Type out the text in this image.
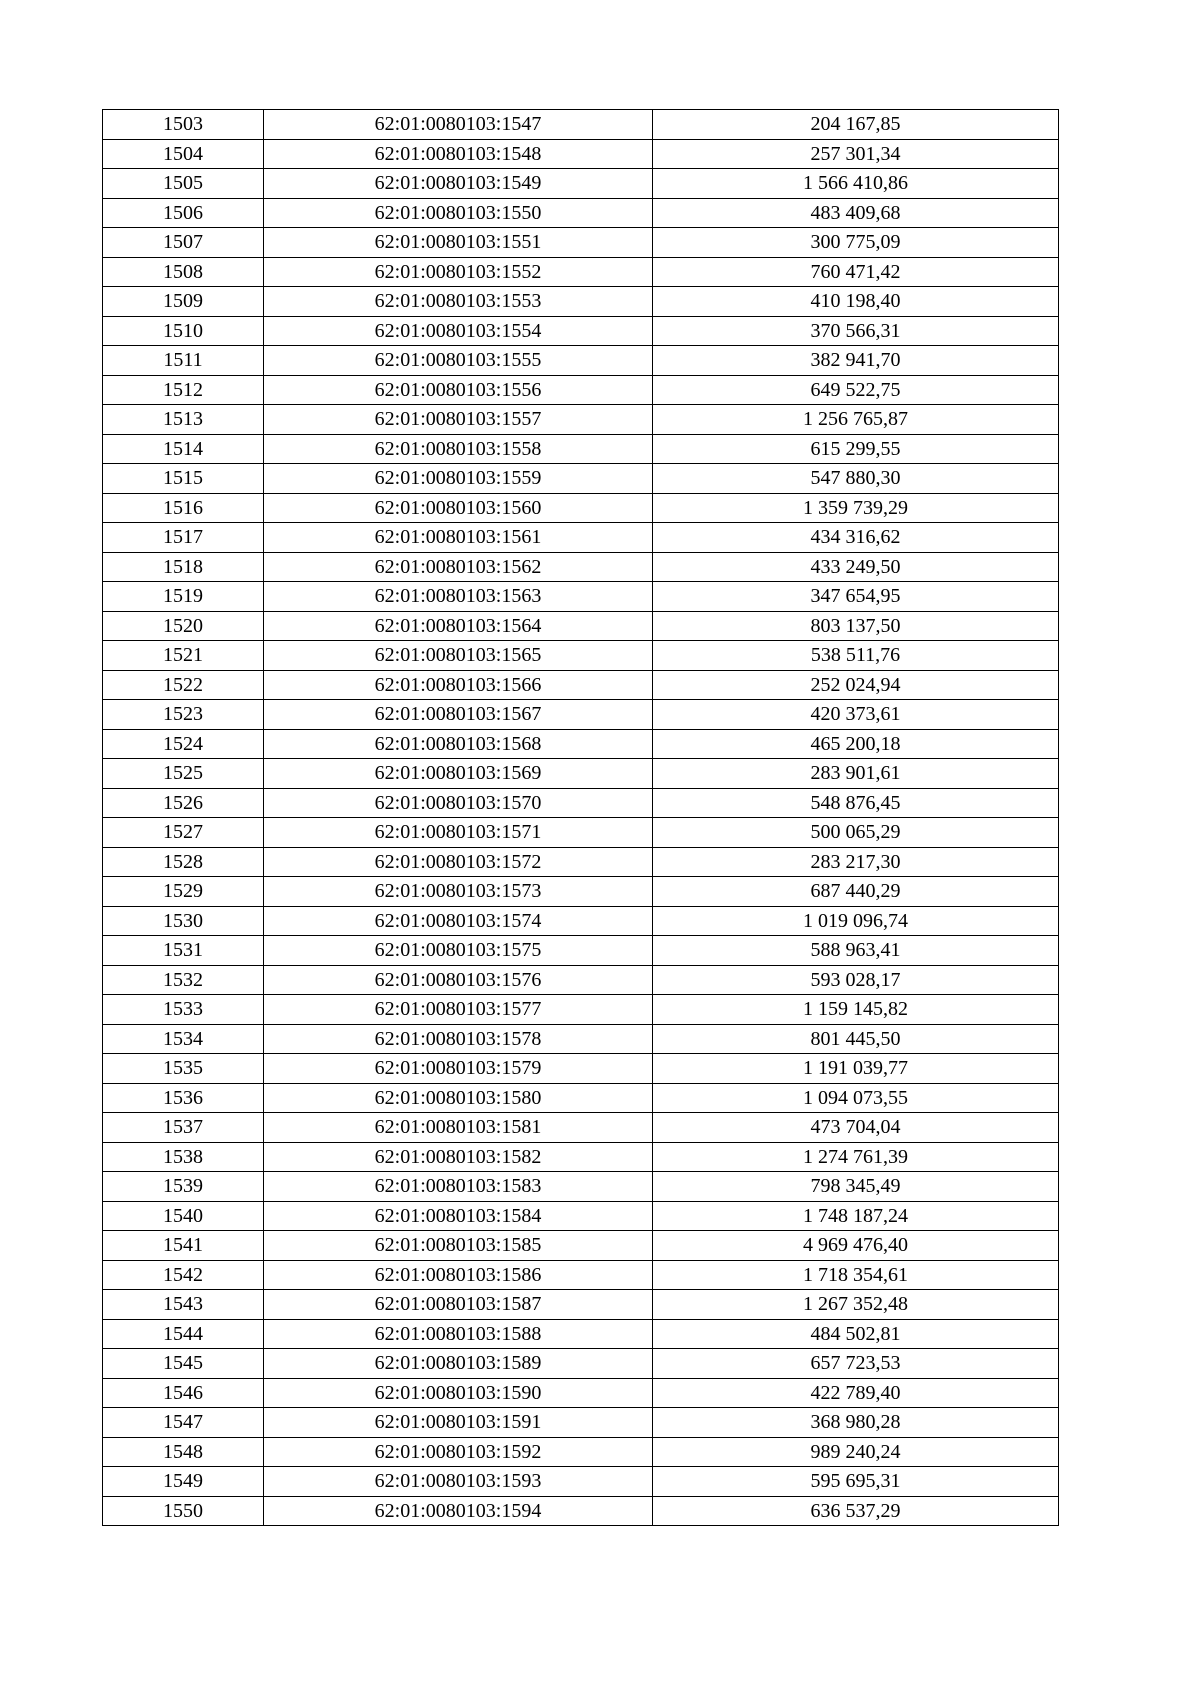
1503	62:01:0080103:1547	204 167,85
1504	62:01:0080103:1548	257 301,34
1505	62:01:0080103:1549	1 566 410,86
1506	62:01:0080103:1550	483 409,68
1507	62:01:0080103:1551	300 775,09
1508	62:01:0080103:1552	760 471,42
1509	62:01:0080103:1553	410 198,40
1510	62:01:0080103:1554	370 566,31
1511	62:01:0080103:1555	382 941,70
1512	62:01:0080103:1556	649 522,75
1513	62:01:0080103:1557	1 256 765,87
1514	62:01:0080103:1558	615 299,55
1515	62:01:0080103:1559	547 880,30
1516	62:01:0080103:1560	1 359 739,29
1517	62:01:0080103:1561	434 316,62
1518	62:01:0080103:1562	433 249,50
1519	62:01:0080103:1563	347 654,95
1520	62:01:0080103:1564	803 137,50
1521	62:01:0080103:1565	538 511,76
1522	62:01:0080103:1566	252 024,94
1523	62:01:0080103:1567	420 373,61
1524	62:01:0080103:1568	465 200,18
1525	62:01:0080103:1569	283 901,61
1526	62:01:0080103:1570	548 876,45
1527	62:01:0080103:1571	500 065,29
1528	62:01:0080103:1572	283 217,30
1529	62:01:0080103:1573	687 440,29
1530	62:01:0080103:1574	1 019 096,74
1531	62:01:0080103:1575	588 963,41
1532	62:01:0080103:1576	593 028,17
1533	62:01:0080103:1577	1 159 145,82
1534	62:01:0080103:1578	801 445,50
1535	62:01:0080103:1579	1 191 039,77
1536	62:01:0080103:1580	1 094 073,55
1537	62:01:0080103:1581	473 704,04
1538	62:01:0080103:1582	1 274 761,39
1539	62:01:0080103:1583	798 345,49
1540	62:01:0080103:1584	1 748 187,24
1541	62:01:0080103:1585	4 969 476,40
1542	62:01:0080103:1586	1 718 354,61
1543	62:01:0080103:1587	1 267 352,48
1544	62:01:0080103:1588	484 502,81
1545	62:01:0080103:1589	657 723,53
1546	62:01:0080103:1590	422 789,40
1547	62:01:0080103:1591	368 980,28
1548	62:01:0080103:1592	989 240,24
1549	62:01:0080103:1593	595 695,31
1550	62:01:0080103:1594	636 537,29
